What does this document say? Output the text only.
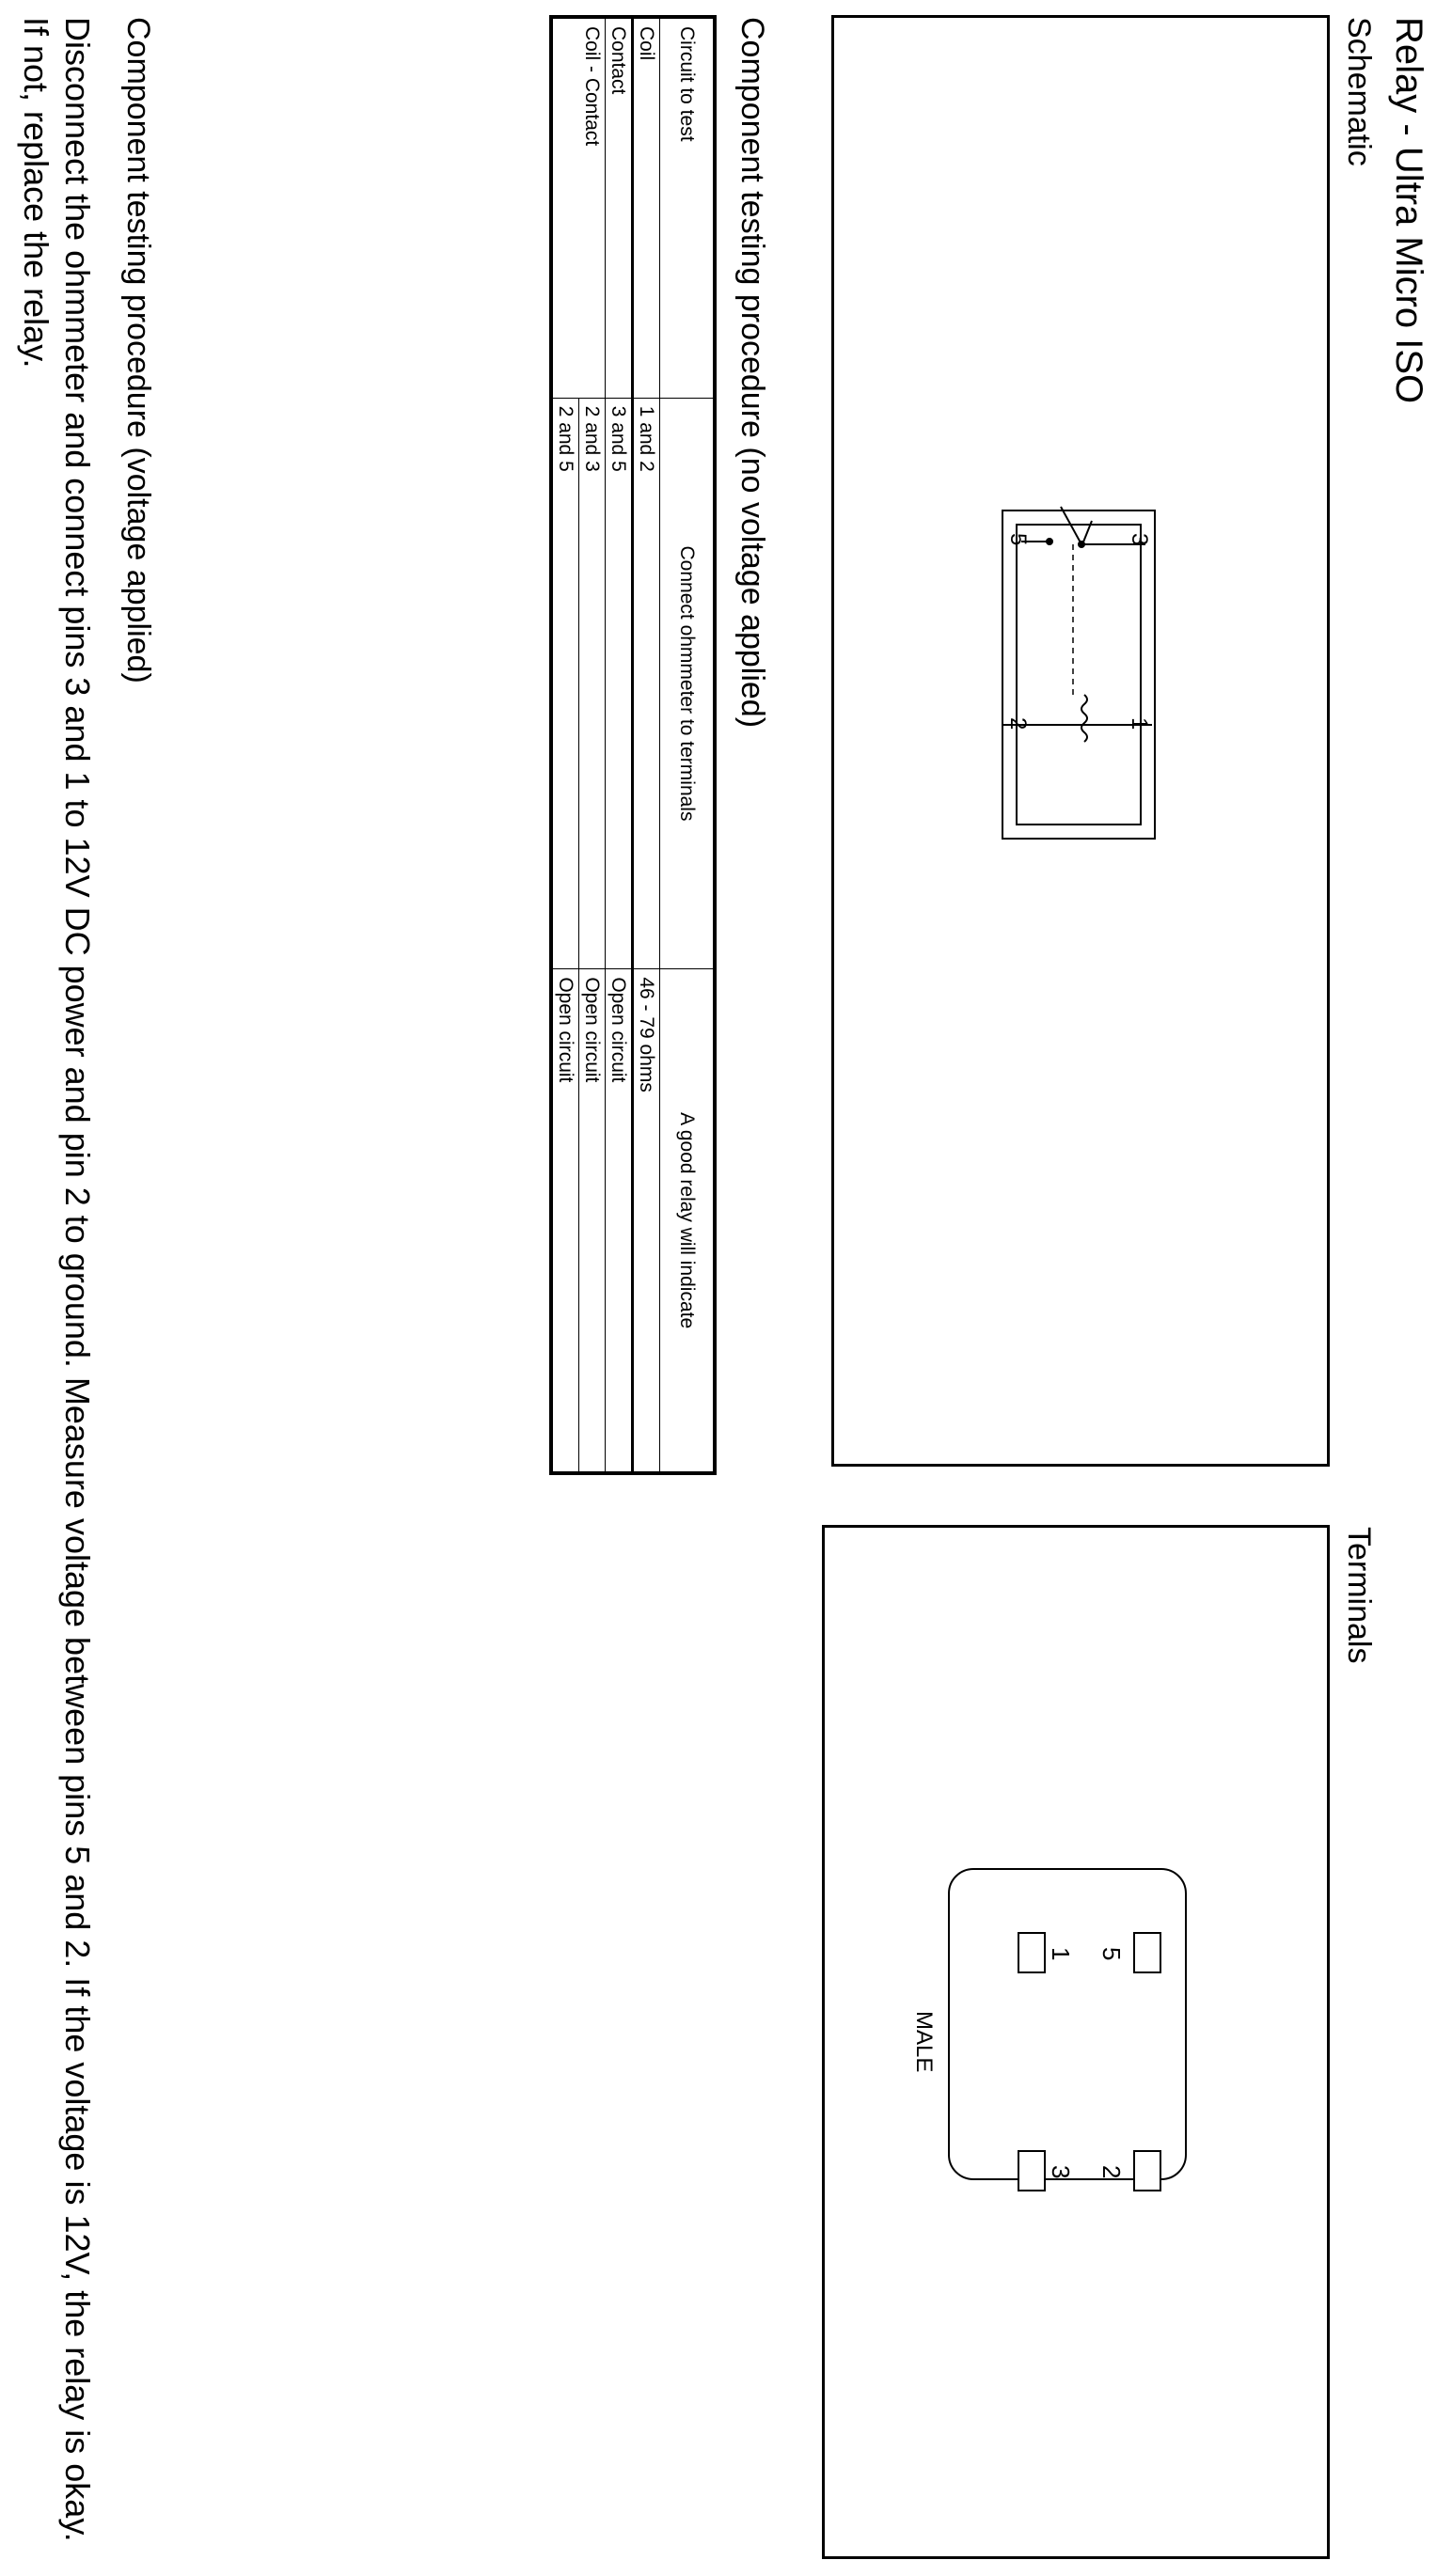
Relay - Ultra Micro ISO
Schematic
3
1
5
2
Terminals
5
2
1
3
MALE
Component testing procedure (no voltage applied)
Circuit to test	Connect ohmmeter to terminals	A good relay will indicate
Coil	1 and 2	46 - 79 ohms
Contact	3 and 5	Open circuit
Coil - Contact	2 and 3	Open circuit
	2 and 5	Open circuit
Component testing procedure (voltage applied)
Disconnect the ohmmeter and connect pins 3 and 1 to 12V DC power and pin 2 to ground. Measure voltage between pins 5 and 2. If the voltage is 12V, the relay is okay. If not, replace the relay.
